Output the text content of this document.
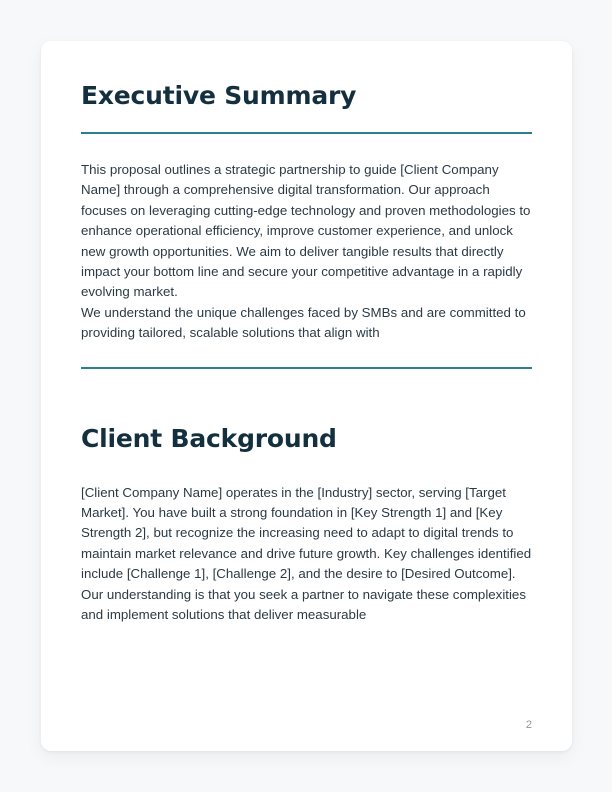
Executive Summary

This proposal outlines a strategic partnership to guide [Client Company Name] through a comprehensive digital transformation. Our approach focuses on leveraging cutting-edge technology and proven methodologies to enhance operational efficiency, improve customer experience, and unlock new growth opportunities. We aim to deliver tangible results that directly impact your bottom line and secure your competitive advantage in a rapidly evolving market.

We understand the unique challenges faced by SMBs and are committed to providing tailored, scalable solutions that align with

Client Background

[Client Company Name] operates in the [Industry] sector, serving [Target Market]. You have built a strong foundation in [Key Strength 1] and [Key Strength 2], but recognize the increasing need to adapt to digital trends to maintain market relevance and drive future growth. Key challenges identified include [Challenge 1], [Challenge 2], and the desire to [Desired Outcome]. Our understanding is that you seek a partner to navigate these complexities and implement solutions that deliver measurable

2
